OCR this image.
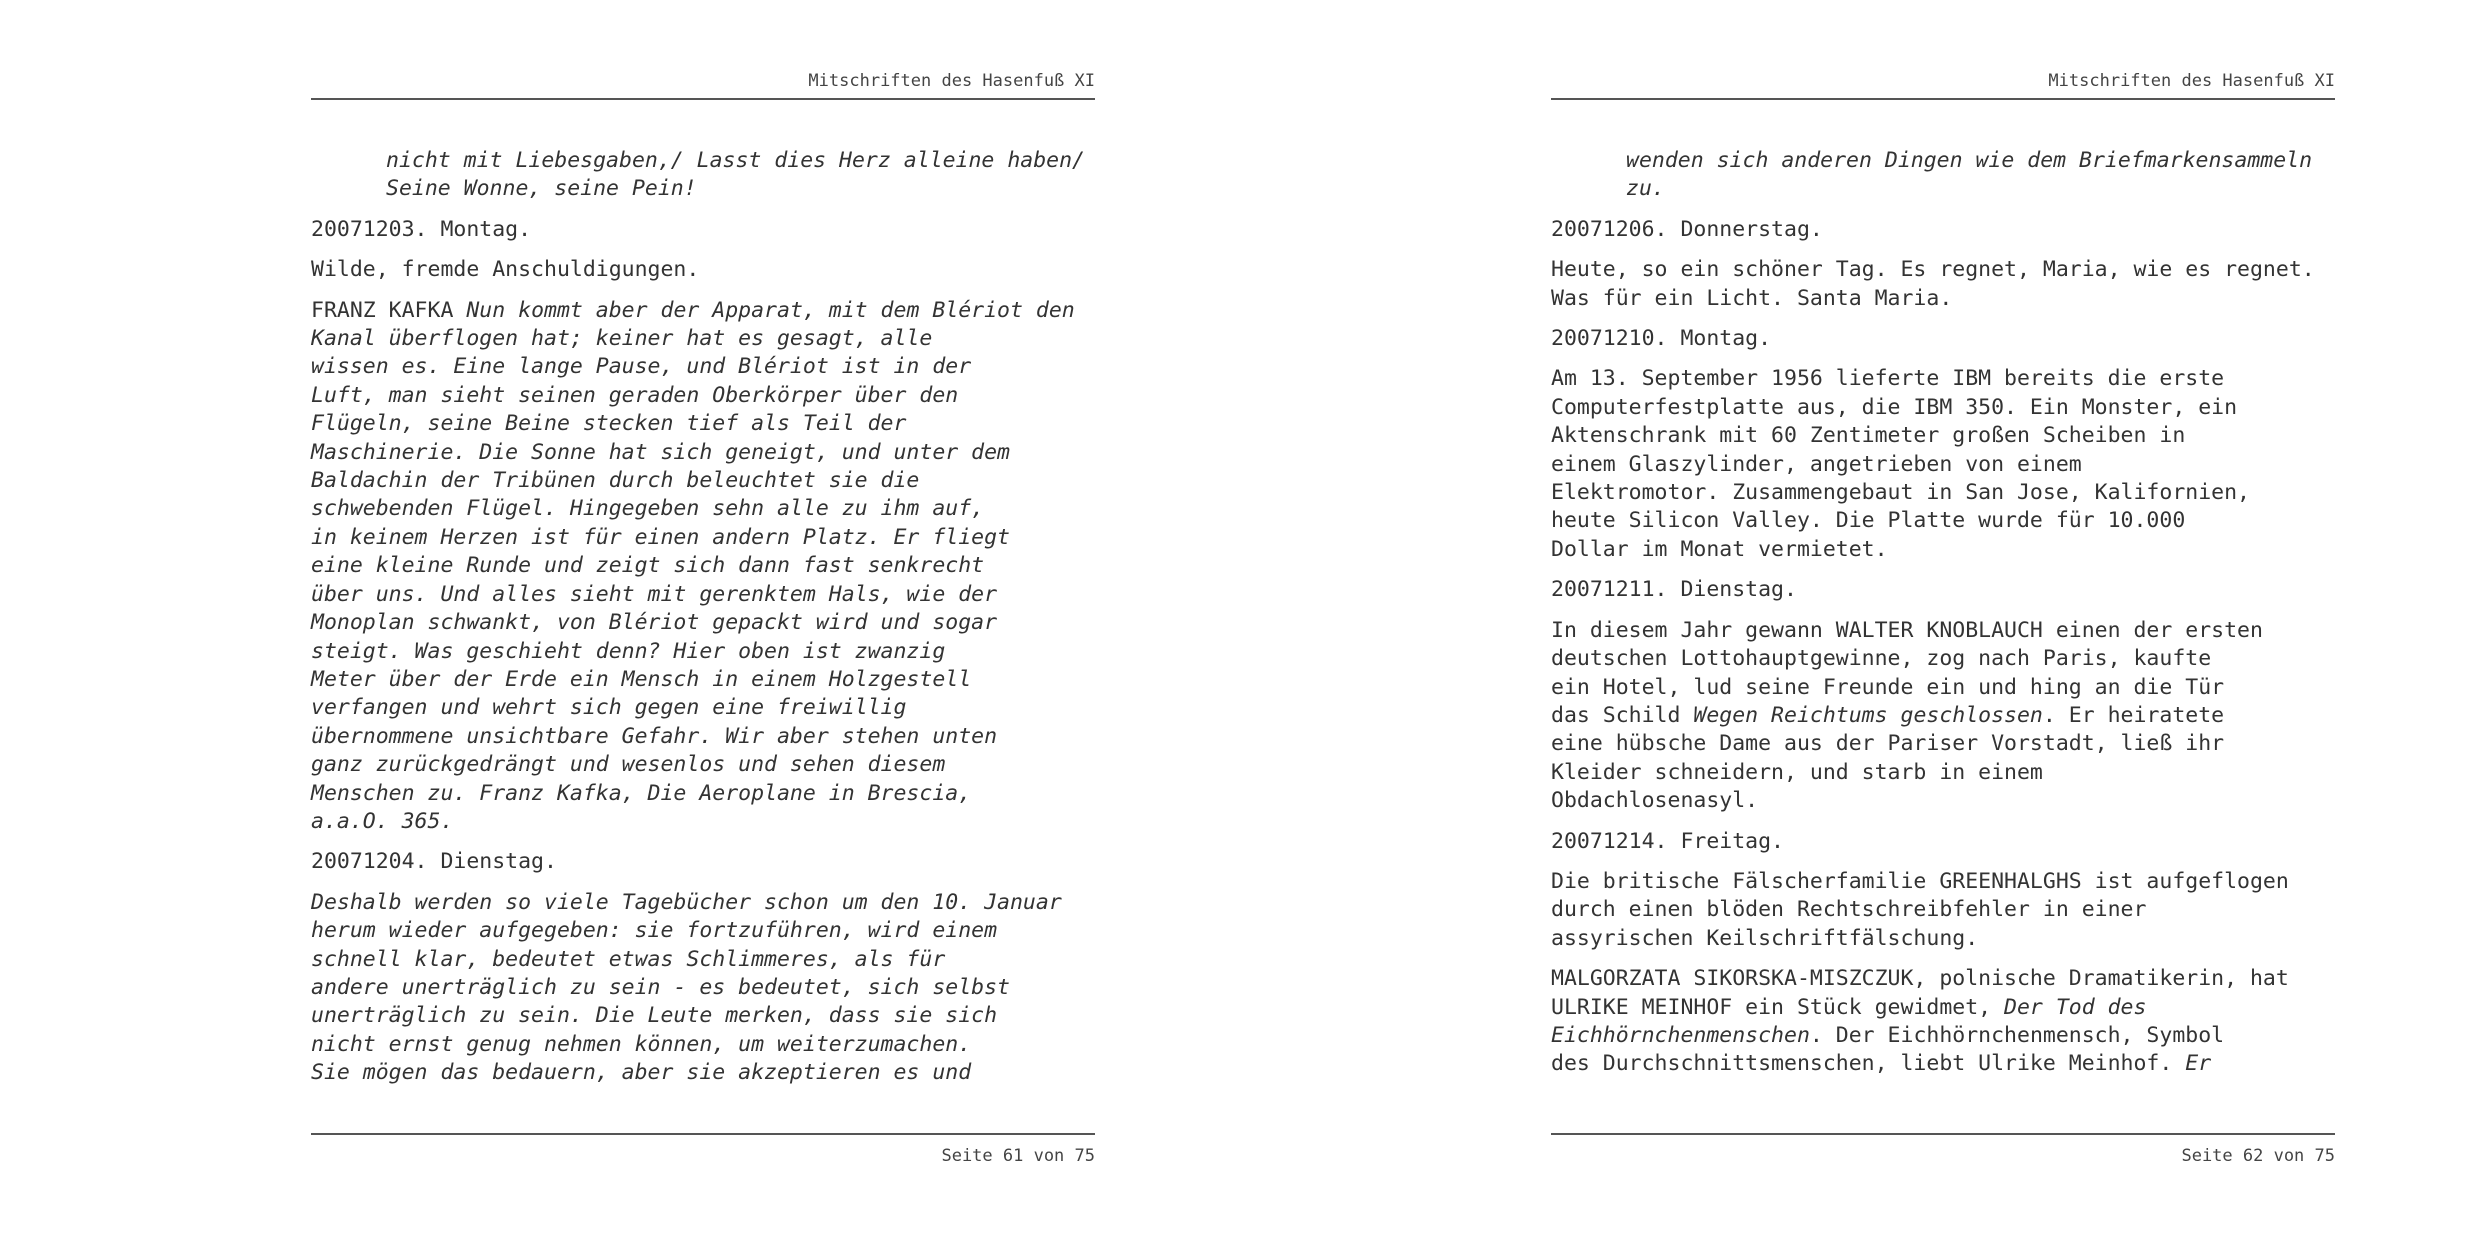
Mitschriften des Hasenfuß XI
nicht mit Liebesgaben,/ Lasst dies Herz alleine haben/
Seine Wonne, seine Pein!
20071203. Montag.
Wilde, fremde Anschuldigungen.
FRANZ KAFKA Nun kommt aber der Apparat, mit dem Blériot den
Kanal überflogen hat; keiner hat es gesagt, alle
wissen es. Eine lange Pause, und Blériot ist in der
Luft, man sieht seinen geraden Oberkörper über den
Flügeln, seine Beine stecken tief als Teil der
Maschinerie. Die Sonne hat sich geneigt, und unter dem
Baldachin der Tribünen durch beleuchtet sie die
schwebenden Flügel. Hingegeben sehn alle zu ihm auf,
in keinem Herzen ist für einen andern Platz. Er fliegt
eine kleine Runde und zeigt sich dann fast senkrecht
über uns. Und alles sieht mit gerenktem Hals, wie der
Monoplan schwankt, von Blériot gepackt wird und sogar
steigt. Was geschieht denn? Hier oben ist zwanzig
Meter über der Erde ein Mensch in einem Holzgestell
verfangen und wehrt sich gegen eine freiwillig
übernommene unsichtbare Gefahr. Wir aber stehen unten
ganz zurückgedrängt und wesenlos und sehen diesem
Menschen zu. Franz Kafka, Die Aeroplane in Brescia,
a.a.O. 365.
20071204. Dienstag.
Deshalb werden so viele Tagebücher schon um den 10. Januar
herum wieder aufgegeben: sie fortzuführen, wird einem
schnell klar, bedeutet etwas Schlimmeres, als für
andere unerträglich zu sein - es bedeutet, sich selbst
unerträglich zu sein. Die Leute merken, dass sie sich
nicht ernst genug nehmen können, um weiterzumachen.
Sie mögen das bedauern, aber sie akzeptieren es und
Seite 61 von 75
Mitschriften des Hasenfuß XI
wenden sich anderen Dingen wie dem Briefmarkensammeln
zu.
20071206. Donnerstag.
Heute, so ein schöner Tag. Es regnet, Maria, wie es regnet.
Was für ein Licht. Santa Maria.
20071210. Montag.
Am 13. September 1956 lieferte IBM bereits die erste
Computerfestplatte aus, die IBM 350. Ein Monster, ein
Aktenschrank mit 60 Zentimeter großen Scheiben in
einem Glaszylinder, angetrieben von einem
Elektromotor. Zusammengebaut in San Jose, Kalifornien,
heute Silicon Valley. Die Platte wurde für 10.000
Dollar im Monat vermietet.
20071211. Dienstag.
In diesem Jahr gewann WALTER KNOBLAUCH einen der ersten
deutschen Lottohauptgewinne, zog nach Paris, kaufte
ein Hotel, lud seine Freunde ein und hing an die Tür
das Schild Wegen Reichtums geschlossen. Er heiratete
eine hübsche Dame aus der Pariser Vorstadt, ließ ihr
Kleider schneidern, und starb in einem
Obdachlosenasyl.
20071214. Freitag.
Die britische Fälscherfamilie GREENHALGHS ist aufgeflogen
durch einen blöden Rechtschreibfehler in einer
assyrischen Keilschriftfälschung.
MALGORZATA SIKORSKA-MISZCZUK, polnische Dramatikerin, hat
ULRIKE MEINHOF ein Stück gewidmet, Der Tod des
Eichhörnchenmenschen. Der Eichhörnchenmensch, Symbol
des Durchschnittsmenschen, liebt Ulrike Meinhof. Er
Seite 62 von 75
